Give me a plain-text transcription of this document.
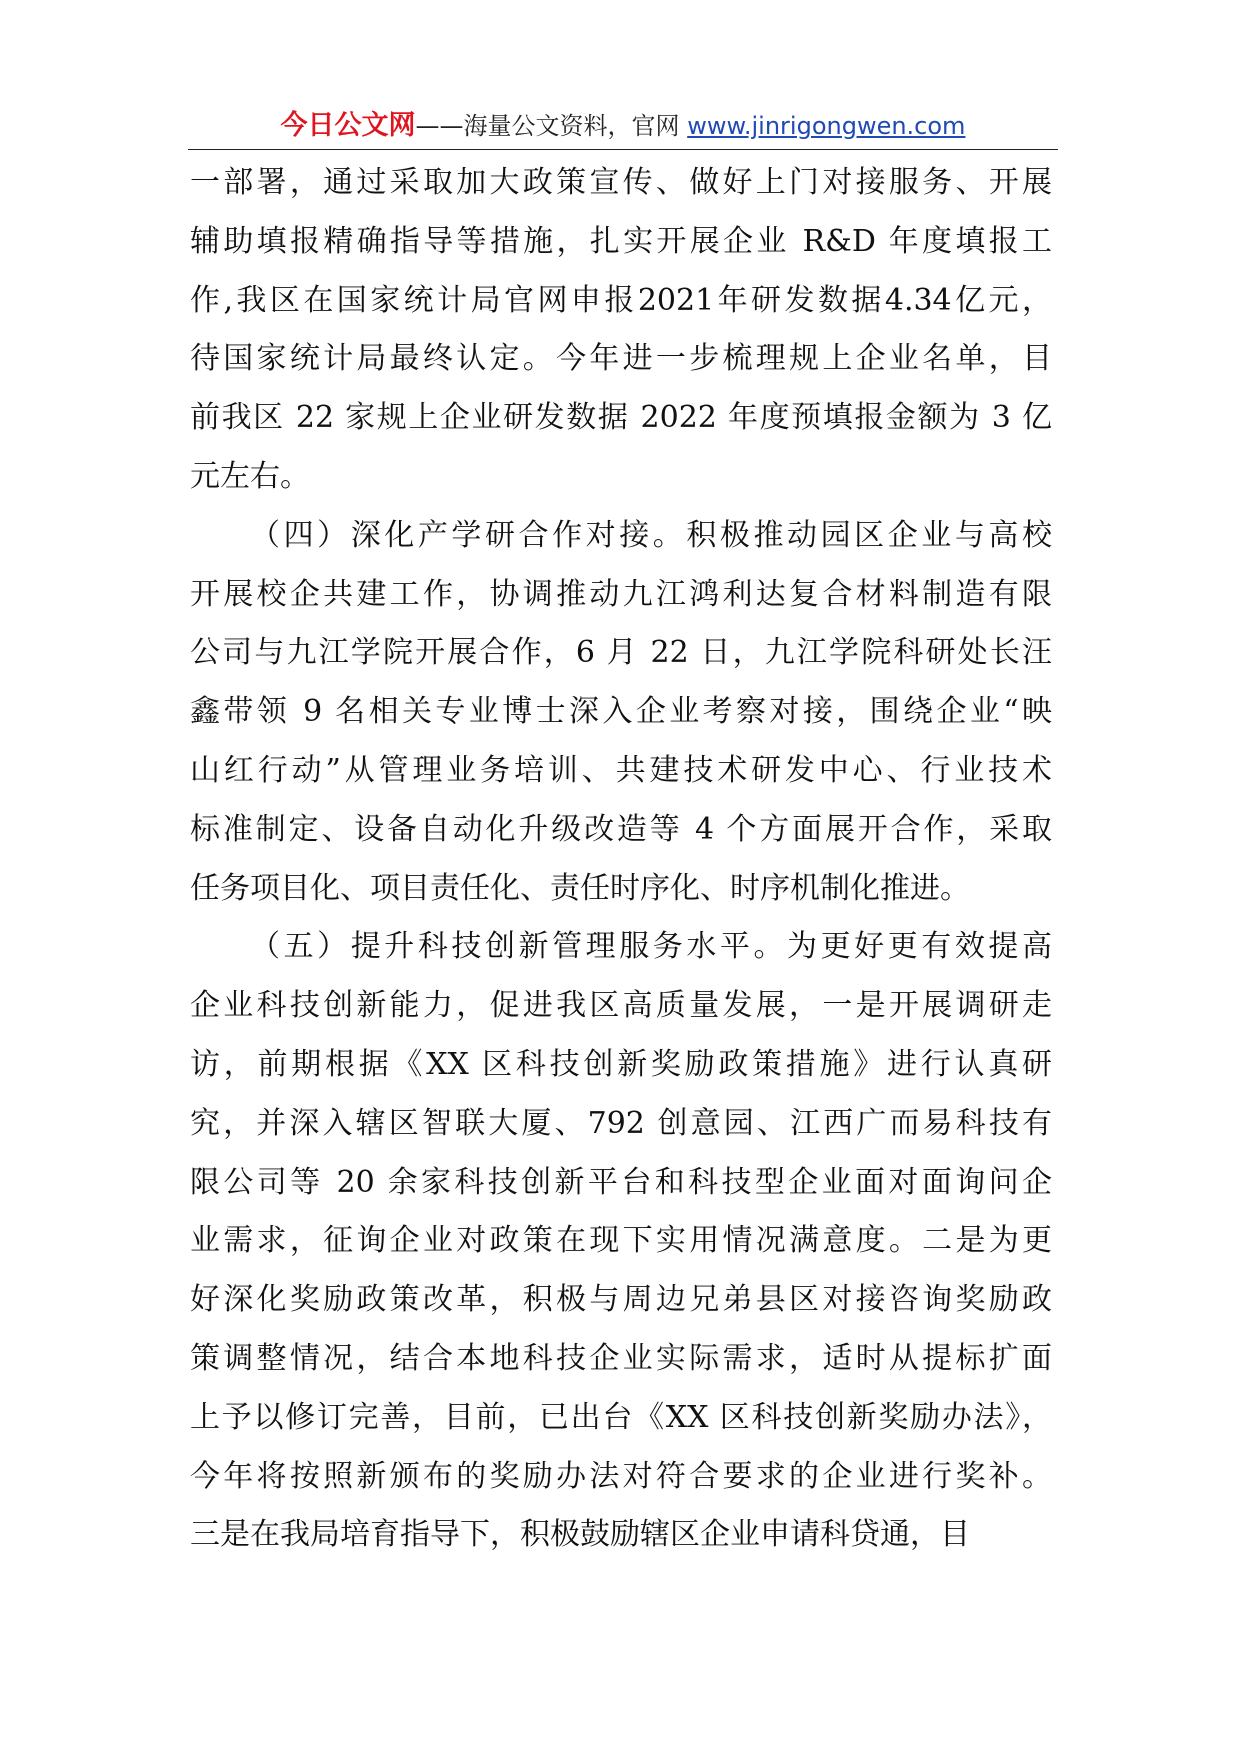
今日公文网——海量公文资料，官网 www.jinrigongwen.com

一部署，通过采取加大政策宣传、做好上门对接服务、开展
辅助填报精确指导等措施，扎实开展企业 R&D 年度填报工
作,我区在国家统计局官网申报2021年研发数据4.34亿元，
待国家统计局最终认定。今年进一步梳理规上企业名单，目
前我区 22 家规上企业研发数据 2022 年度预填报金额为 3 亿
元左右。

（四）深化产学研合作对接。积极推动园区企业与高校
开展校企共建工作，协调推动九江鸿利达复合材料制造有限
公司与九江学院开展合作，6 月 22 日，九江学院科研处长汪
鑫带领 9 名相关专业博士深入企业考察对接，围绕企业“映
山红行动”从管理业务培训、共建技术研发中心、行业技术
标准制定、设备自动化升级改造等 4 个方面展开合作，采取
任务项目化、项目责任化、责任时序化、时序机制化推进。

（五）提升科技创新管理服务水平。为更好更有效提高
企业科技创新能力，促进我区高质量发展，一是开展调研走
访，前期根据《XX 区科技创新奖励政策措施》进行认真研
究，并深入辖区智联大厦、792 创意园、江西广而易科技有
限公司等 20 余家科技创新平台和科技型企业面对面询问企
业需求，征询企业对政策在现下实用情况满意度。二是为更
好深化奖励政策改革，积极与周边兄弟县区对接咨询奖励政
策调整情况，结合本地科技企业实际需求，适时从提标扩面
上予以修订完善，目前，已出台《XX 区科技创新奖励办法》，
今年将按照新颁布的奖励办法对符合要求的企业进行奖补。
三是在我局培育指导下，积极鼓励辖区企业申请科贷通，目
